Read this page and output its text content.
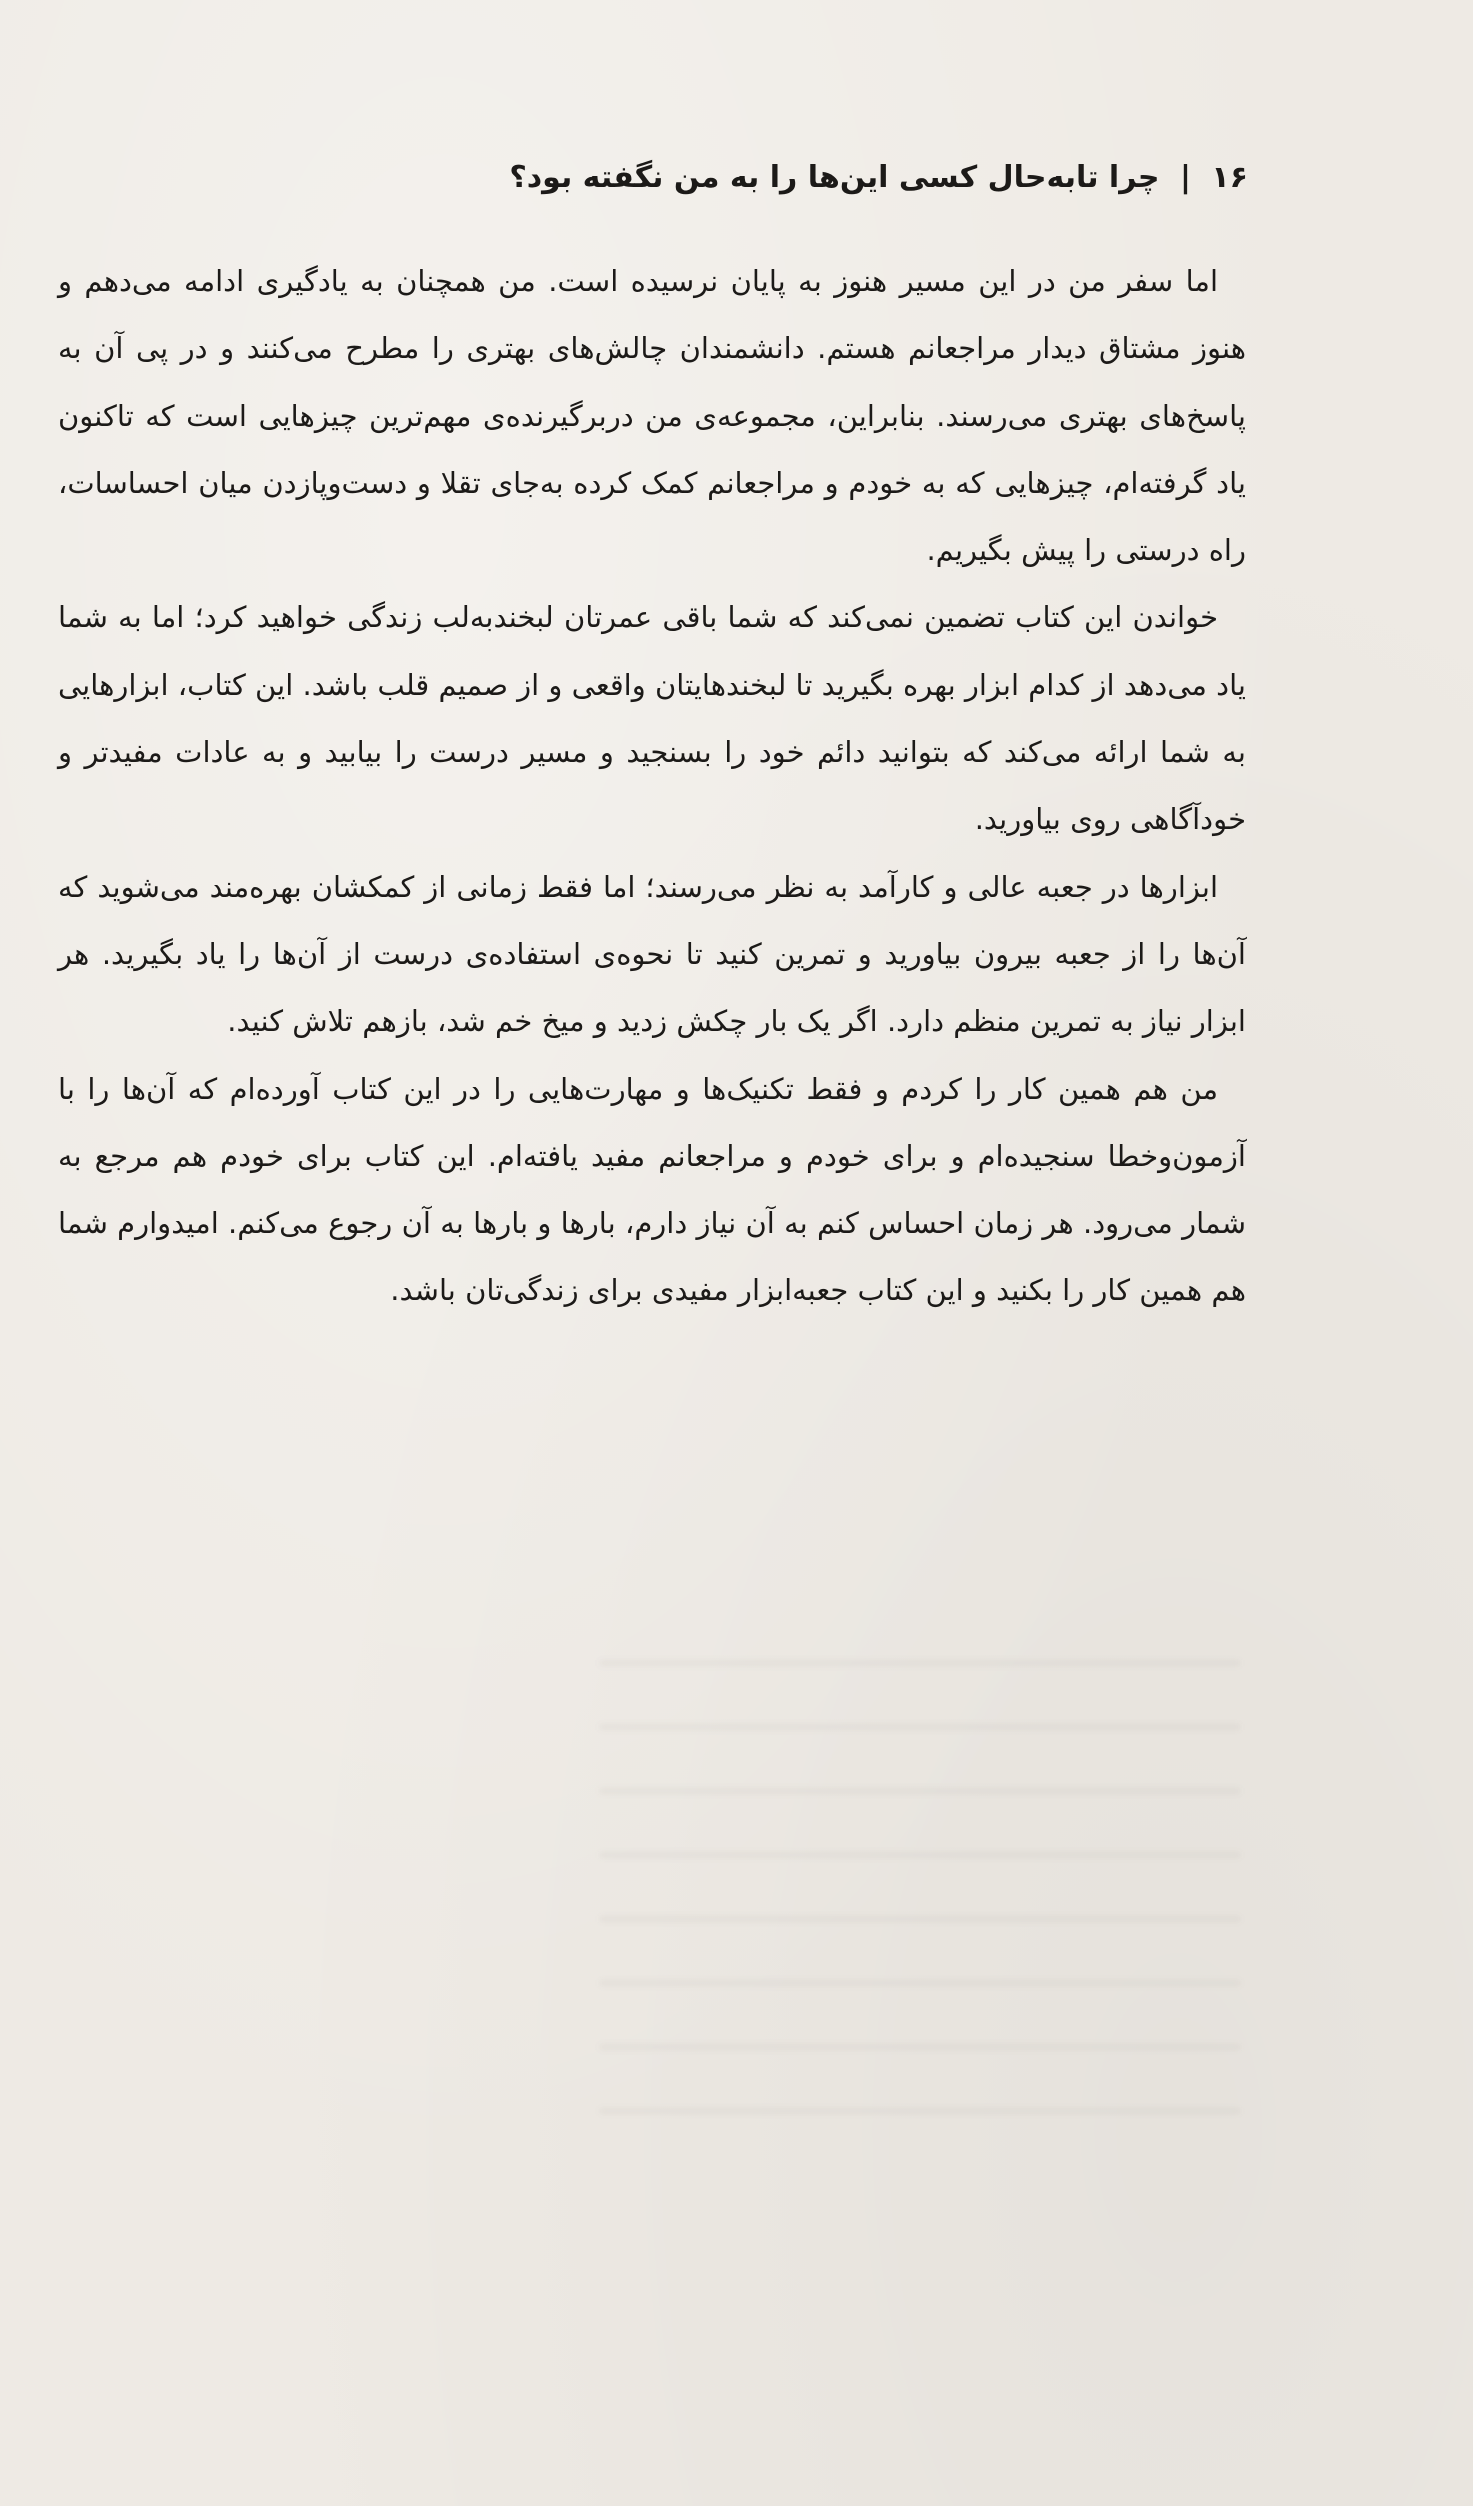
۱۶ | چرا تابه‌حال کسی این‌ها را به من نگفته بود؟

اما سفر من در این مسیر هنوز به پایان نرسیده است. من همچنان به یادگیری ادامه می‌دهم و هنوز مشتاق دیدار مراجعانم هستم. دانشمندان چالش‌های بهتری را مطرح می‌کنند و در پی آن به پاسخ‌های بهتری می‌رسند. بنابراین، مجموعه‌ی من دربرگیرنده‌ی مهم‌ترین چیزهایی است که تاکنون یاد گرفته‌ام، چیزهایی که به خودم و مراجعانم کمک کرده به‌جای تقلا و دست‌وپازدن میان احساسات، راه درستی را پیش بگیریم.

خواندن این کتاب تضمین نمی‌کند که شما باقی عمرتان لبخندبه‌لب زندگی خواهید کرد؛ اما به شما یاد می‌دهد از کدام ابزار بهره بگیرید تا لبخندهایتان واقعی و از صمیم قلب باشد. این کتاب، ابزارهایی به شما ارائه می‌کند که بتوانید دائم خود را بسنجید و مسیر درست را بیابید و به عادات مفیدتر و خودآگاهی روی بیاورید.

ابزارها در جعبه عالی و کارآمد به نظر می‌رسند؛ اما فقط زمانی از کمکشان بهره‌مند می‌شوید که آن‌ها را از جعبه بیرون بیاورید و تمرین کنید تا نحوه‌ی استفاده‌ی درست از آن‌ها را یاد بگیرید. هر ابزار نیاز به تمرین منظم دارد. اگر یک بار چکش زدید و میخ خم شد، بازهم تلاش کنید.

من هم همین کار را کردم و فقط تکنیک‌ها و مهارت‌هایی را در این کتاب آورده‌ام که آن‌ها را با آزمون‌وخطا سنجیده‌ام و برای خودم و مراجعانم مفید یافته‌ام. این کتاب برای خودم هم مرجع به شمار می‌رود. هر زمان احساس کنم به آن نیاز دارم، بارها و بارها به آن رجوع می‌کنم. امیدوارم شما هم همین کار را بکنید و این کتاب جعبه‌ابزار مفیدی برای زندگی‌تان باشد.
